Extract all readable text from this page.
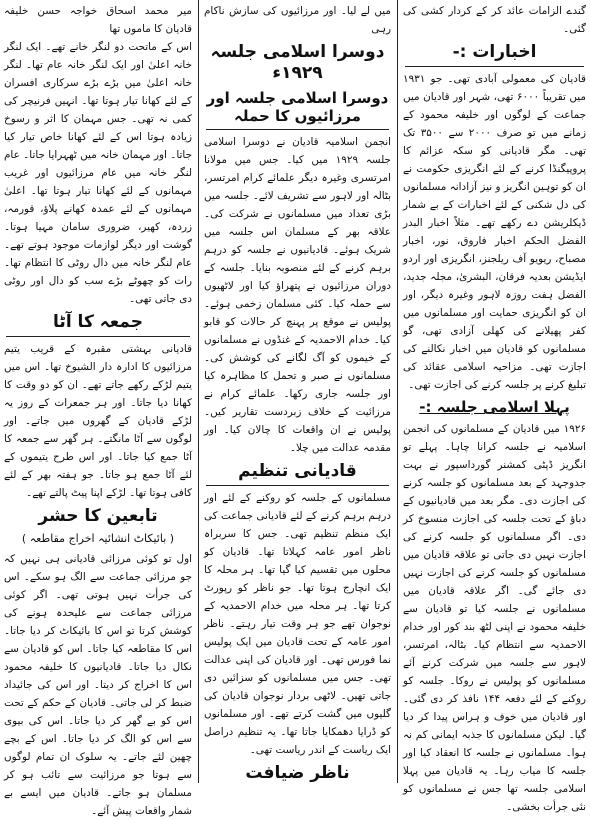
گندے الزامات عائد کر کے کردار کشی کی گئی۔
اخبارات :-

قادیان کی معمولی آبادی تھی۔ جو ۱۹۳۱ میں تقریباً ۶۰۰۰ تھی، شہر اور قادیان میں جماعت کے لوگوں اور خلیفہ محمود کے زمانے میں تو صرف ۲۰۰۰ سے ۳۵۰۰ تک تھی۔ مگر قادیانی کو سکہ عزائم کا پروپیگنڈا کرنے کے لئے انگریزی حکومت نے ان کو توہین انگریز و نیز آزادانہ مسلمانوں کی دل شکنی کے لئے اخبارات کے بے شمار ڈیکلریشن دے رکھے تھے۔ مثلاً اخبار البدر الفضل الحکم اخبار فاروق، نور، اخبار مصباح، ریویو آف ریلجنز، انگریزی اور اردو ایڈیشن بعدیہ فرقان، البشریٰ، مجلہ جدید، الفضل ہفت روزہ لاہور وغیرہ دیگر، اور ان کو انگریزی حمایت اور مسلمانوں میں کفر پھیلانے کی کھلی آزادی تھی، گو مسلمانوں کو قادیان میں اخبار نکالنے کی اجازت تھی۔ مزاحیہ اسلامی عقائد کی تبلیغ کرنے پر جلسہ کرنے کی اجازت تھی۔

پہلا اسلامی جلسہ :-

۱۹۲۶ میں قادیان کے مسلمانوں کی انجمن اسلامیہ نے جلسہ کرانا چاہا۔ پہلے تو انگریز ڈپٹی کمشنر گورداسپور نے بہت جدوجہد کے بعد مسلمانوں کو جلسہ کرنے کی اجازت دی۔ مگر بعد میں قادیانیوں کے دباؤ کے تحت جلسہ کی اجازت منسوخ کر دی۔ اگر مسلمانوں کو جلسہ کرنے کی اجازت نہیں دی جاتی تو علاقہ قادیان میں مسلمانوں کو جلسہ کرنے کی اجازت نہیں دی جائے گی۔ اگر علاقہ قادیان میں مسلمانوں نے جلسہ کیا تو قادیان سے خلیفہ محمود نے اپنی لٹھ بند کور اور خدام الاحمدیہ سے انتظام کیا۔ بٹالہ، امرتسر، لاہور سے جلسہ میں شرکت کرنے آئے مسلمانوں کو پولیس نے روکا۔ جلسہ کو روکنے کے لئے دفعہ ۱۴۴ نافذ کر دی گئی۔ اور قادیان میں خوف و ہراس پیدا کر دیا گیا۔ لیکن مسلمانوں کا جذبہ ایمانی کم نہ ہوا۔ مسلمانوں نے جلسہ کا انعقاد کیا اور جلسہ کا میاب رہا۔ یہ قادیان میں پہلا اسلامی جلسہ تھا جس نے مسلمانوں کو نئی جرأت بخشی۔

میں لے لیا۔ اور مرزائیوں کی سازش ناکام رہی
دوسرا اسلامی جلسہ ۱۹۲۹ء
دوسرا اسلامی جلسہ اور مرزائیوں کا حملہ

انجمن اسلامیہ قادیان نے دوسرا اسلامی جلسہ ۱۹۲۹ میں کیا۔ جس میں مولانا امرتسری وغیرہ دیگر علمائے کرام امرتسر، بٹالہ اور لاہور سے تشریف لائے۔ جلسہ میں بڑی تعداد میں مسلمانوں نے شرکت کی۔ علاقہ بھر کے مسلمان اس جلسہ میں شریک ہوئے۔ قادیانیوں نے جلسہ کو درہم برہم کرنے کے لئے منصوبہ بنایا۔ جلسہ کے دوران مرزائیوں نے پتھراؤ کیا اور لاٹھیوں سے حملہ کیا۔ کئی مسلمان زخمی ہوئے۔ پولیس نے موقع پر پہنچ کر حالات کو قابو کیا۔ خدام الاحمدیہ کے غنڈوں نے مسلمانوں کے خیموں کو آگ لگانے کی کوشش کی۔ مسلمانوں نے صبر و تحمل کا مظاہرہ کیا اور جلسہ جاری رکھا۔ علمائے کرام نے مرزائیت کے خلاف زبردست تقاریر کیں۔ پولیس نے ان واقعات کا چالان کیا۔ اور مقدمہ عدالت میں چلا۔

قادیانی تنظیم

مسلمانوں کے جلسہ کو روکنے کے لئے اور درہم برہم کرنے کے لئے قادیانی جماعت کی ایک منظم تنظیم تھی۔ جس کا سربراہ ناظر امور عامہ کہلاتا تھا۔ قادیان کو محلوں میں تقسیم کیا گیا تھا۔ ہر محلہ کا ایک انچارج ہوتا تھا۔ جو ناظر کو رپورٹ کرتا تھا۔ ہر محلہ میں خدام الاحمدیہ کے نوجوان تھے جو ہر وقت تیار رہتے۔ ناظر امور عامہ کے تحت قادیان میں ایک پولیس نما فورس تھی۔ اور قادیان کی اپنی عدالت تھی۔ جس میں مسلمانوں کو سزائیں دی جاتی تھیں۔ لاٹھی بردار نوجوان قادیان کی گلیوں میں گشت کرتے تھے۔ اور مسلمانوں کو ڈرایا دھمکایا جاتا تھا۔ یہ تنظیم دراصل ایک ریاست کے اندر ریاست تھی۔

ناظر ضیافت
میر محمد اسحاق خواجہ حسن خلیفہ قادیان کا ماموں تھا

اس کے ماتحت دو لنگر خانے تھے۔ ایک لنگر خانہ اعلیٰ اور ایک لنگر خانہ عام تھا۔ لنگر خانہ اعلیٰ میں بڑے بڑے سرکاری افسران کے لئے کھانا تیار ہوتا تھا۔ انہیں فرنیچر کی کمی نہ تھی۔ جس مہمان کا اثر و رسوخ زیادہ ہوتا اس کے لئے کھانا خاص تیار کیا جاتا۔ اور مہمان خانہ میں ٹھہرایا جاتا۔ عام لنگر خانہ میں عام مرزائیوں اور غریب مہمانوں کے لئے کھانا تیار ہوتا تھا۔ اعلیٰ مہمانوں کے لئے عمدہ کھانے پلاؤ، قورمہ، زردہ، کھیر، ضروری سامان مہیا ہوتا۔ گوشت اور دیگر لوازمات موجود ہوتے تھے۔ عام لنگر خانہ میں دال روٹی کا انتظام تھا۔ رات کو چھوٹے بڑے سب کو دال اور روٹی دی جاتی تھی۔

جمعہ کا آٹا

قادیانی بہشتی مقبرہ کے قریب یتیم مرزائیوں کا ادارہ دار الشیوخ تھا۔ اس میں یتیم لڑکے رکھے جاتے تھے۔ ان کو دو وقت کا کھانا دیا جاتا۔ اور ہر جمعرات کے روز یہ لڑکے قادیان کے گھروں میں جاتے۔ اور لوگوں سے آٹا مانگتے۔ ہر گھر سے جمعہ کا آٹا جمع کیا جاتا۔ اور اس طرح یتیموں کے لئے آٹا جمع ہو جاتا۔ جو ہفتہ بھر کے لئے کافی ہوتا تھا۔ لڑکے اپنا پیٹ پالتے تھے۔

تابعین کا حشر
( بائیکاٹ انشائیہ اخراج مقاطعہ )

اول تو کوئی مرزائی قادیانی ہی نہیں کہ جو مرزائی جماعت سے الگ ہو سکے۔ اس کی جرأت نہیں ہوتی تھی۔ اگر کوئی مرزائی جماعت سے علیحدہ ہونے کی کوشش کرتا تو اس کا بائیکاٹ کر دیا جاتا۔ اس کا مقاطعہ کیا جاتا۔ اس کو قادیان سے نکال دیا جاتا۔ قادیانیوں کا خلیفہ محمود اس کا اخراج کر دیتا۔ اور اس کی جائیداد ضبط کر لی جاتی۔ قادیان کے حکم کے تحت اس کو بے گھر کر دیا جاتا۔ اس کی بیوی سے اس کو الگ کر دیا جاتا۔ اس کے بچے چھین لئے جاتے۔ یہ سلوک ان تمام لوگوں سے ہوتا جو مرزائیت سے تائب ہو کر مسلمان ہو جاتے۔ قادیان میں ایسے بے شمار واقعات پیش آئے۔
